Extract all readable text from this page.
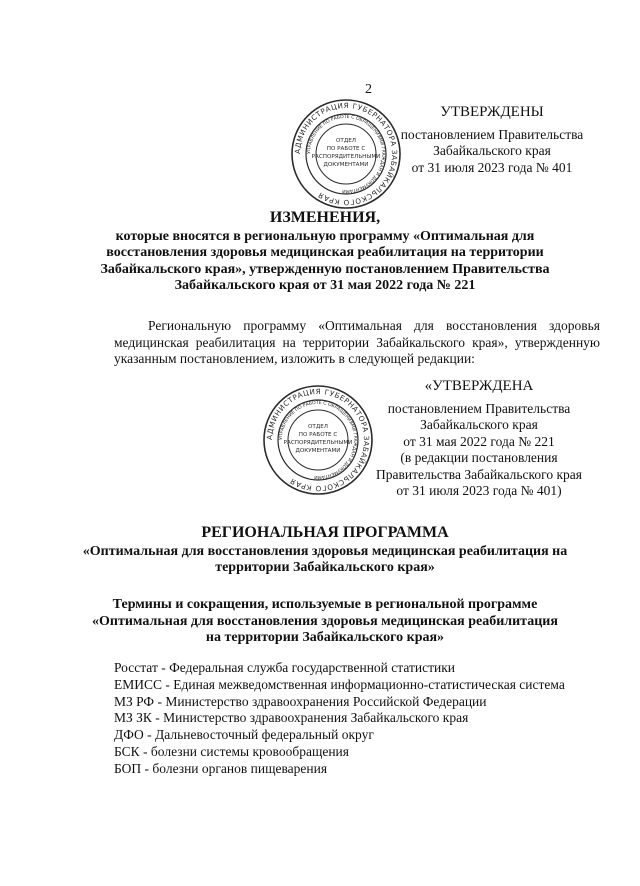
2
АДМИНИСТРАЦИЯ ГУБЕРНАТОРА ЗАБАЙКАЛЬСКОГО КРАЯ
УПРАВЛЕНИЕ ПО РАБОТЕ С ОБРАЩЕНИЯМИ ГРАЖДАН И ДОКУМЕНТАМИ
ОТДЕЛ
ПО РАБОТЕ С
РАСПОРЯДИТЕЛЬНЫМИ
ДОКУМЕНТАМИ
УТВЕРЖДЕНЫ
постановлением Правительства
Забайкальского края
от 31 июля 2023 года № 401
ИЗМЕНЕНИЯ,
которые вносятся в региональную программу «Оптимальная для
восстановления здоровья медицинская реабилитация на территории
Забайкальского края», утвержденную постановлением Правительства
Забайкальского края от 31 мая 2022 года № 221
Региональную программу «Оптимальная для восстановления здоровья медицинская реабилитация на территории Забайкальского края», утвержденную указанным постановлением, изложить в следующей редакции:
АДМИНИСТРАЦИЯ ГУБЕРНАТОРА ЗАБАЙКАЛЬСКОГО КРАЯ
УПРАВЛЕНИЕ ПО РАБОТЕ С ОБРАЩЕНИЯМИ ГРАЖДАН И ДОКУМЕНТАМИ
ОТДЕЛ
ПО РАБОТЕ С
РАСПОРЯДИТЕЛЬНЫМИ
ДОКУМЕНТАМИ
«УТВЕРЖДЕНА
постановлением Правительства
Забайкальского края
от 31 мая 2022 года № 221
(в редакции постановления
Правительства Забайкальского края
от 31 июля 2023 года № 401)
РЕГИОНАЛЬНАЯ ПРОГРАММА
«Оптимальная для восстановления здоровья медицинская реабилитация на
территории Забайкальского края»
Термины и сокращения, используемые в региональной программе
«Оптимальная для восстановления здоровья медицинская реабилитация
на территории Забайкальского края»
Росстат - Федеральная служба государственной статистики
ЕМИСС - Единая межведомственная информационно-статистическая система
МЗ РФ - Министерство здравоохранения Российской Федерации
МЗ ЗК - Министерство здравоохранения Забайкальского края
ДФО - Дальневосточный федеральный округ
БСК - болезни системы кровообращения
БОП - болезни органов пищеварения
